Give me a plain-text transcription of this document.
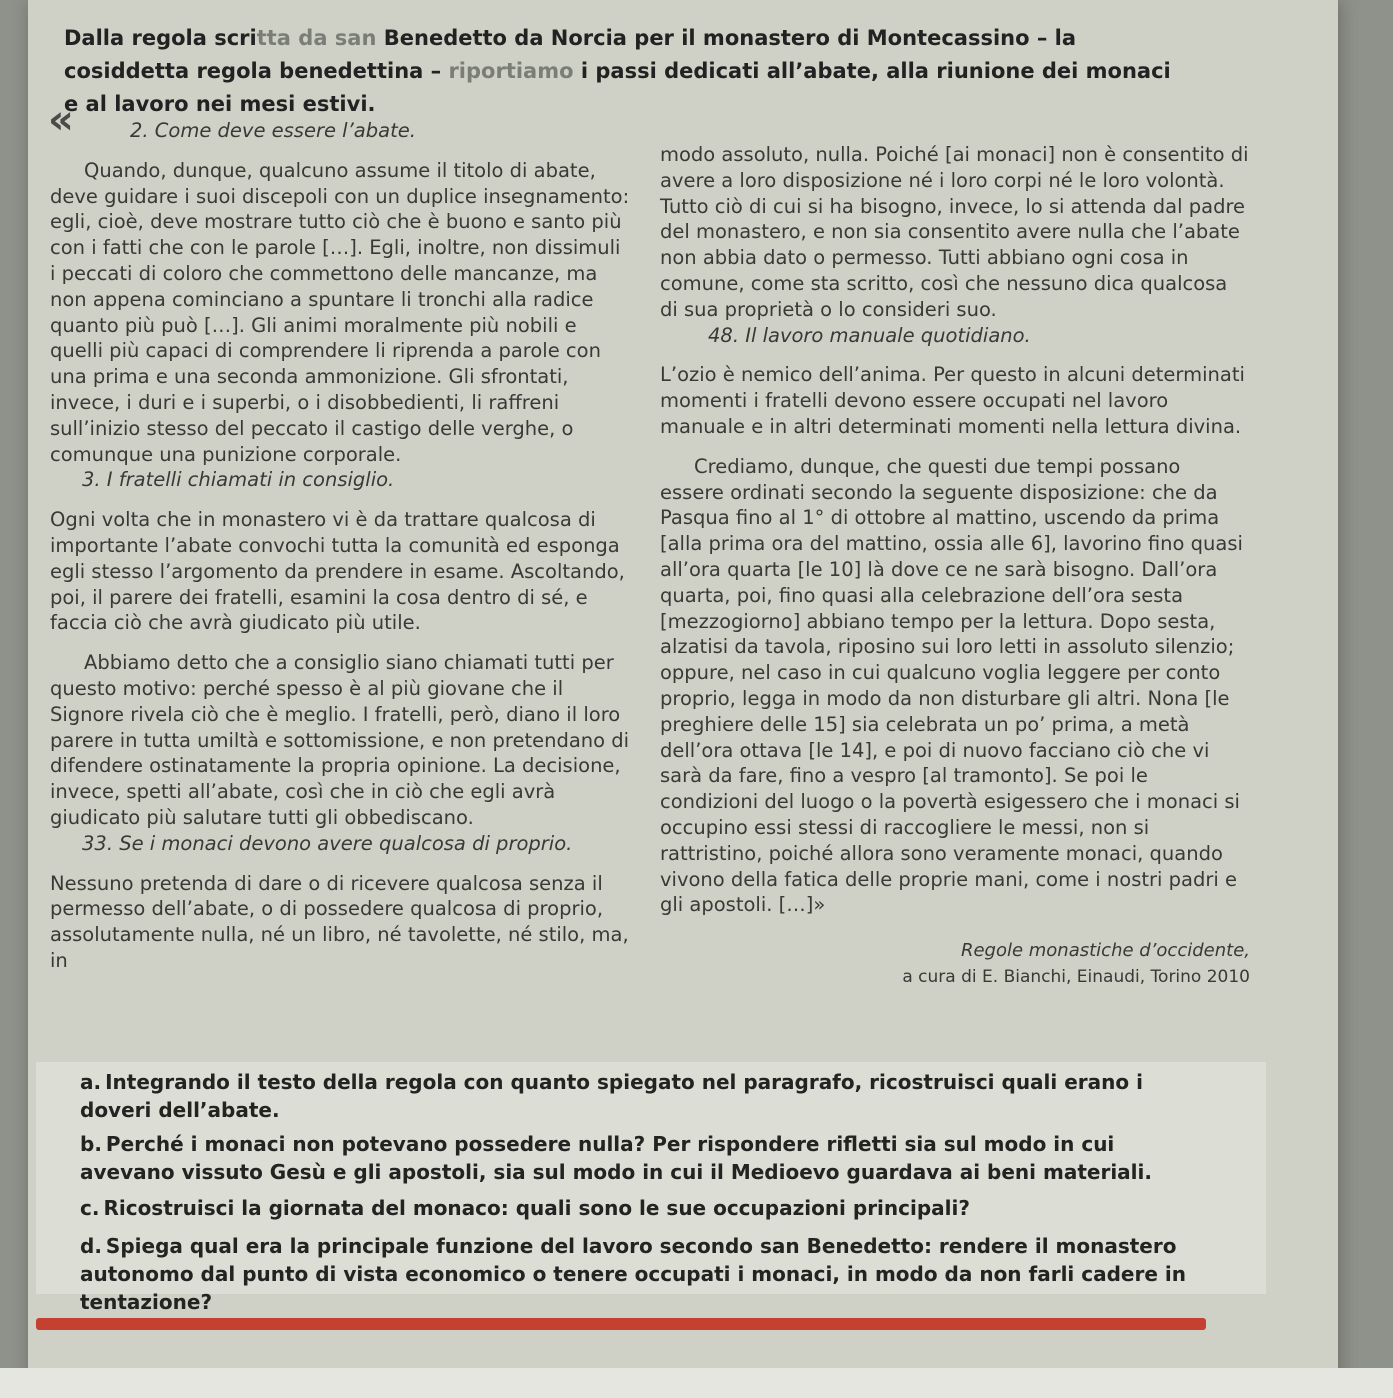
Dalla regola scritta da san Benedetto da Norcia per il monastero di Montecassino – la cosiddetta regola benedettina – riportiamo i passi dedicati all’abate, alla riunione dei monaci e al lavoro nei mesi estivi.
«	2. Come deve essere l’abate.

Quando, dunque, qualcuno assume il titolo di abate, deve guidare i suoi discepoli con un duplice insegnamento: egli, cioè, deve mostrare tutto ciò che è buono e santo più con i fatti che con le parole […]. Egli, inoltre, non dissimuli i peccati di coloro che commettono delle mancanze, ma non appena cominciano a spuntare li tronchi alla radice quanto più può […]. Gli animi moralmente più nobili e quelli più capaci di comprendere li riprenda a parole con una prima e una seconda ammonizione. Gli sfrontati, invece, i duri e i superbi, o i disobbedienti, li raffreni sull’inizio stesso del peccato il castigo delle verghe, o comunque una punizione corporale.

3. I fratelli chiamati in consiglio.

Ogni volta che in monastero vi è da trattare qualcosa di importante l’abate convochi tutta la comunità ed esponga egli stesso l’argomento da prendere in esame. Ascoltando, poi, il parere dei fratelli, esamini la cosa dentro di sé, e faccia ciò che avrà giudicato più utile.

Abbiamo detto che a consiglio siano chiamati tutti per questo motivo: perché spesso è al più giovane che il Signore rivela ciò che è meglio. I fratelli, però, diano il loro parere in tutta umiltà e sottomissione, e non pretendano di difendere ostinatamente la propria opinione. La decisione, invece, spetti all’abate, così che in ciò che egli avrà giudicato più salutare tutti gli obbediscano.

33. Se i monaci devono avere qualcosa di proprio.

Nessuno pretenda di dare o di ricevere qualcosa senza il permesso dell’abate, o di possedere qualcosa di proprio, assolutamente nulla, né un libro, né tavolette, né stilo, ma, in

modo assoluto, nulla. Poiché [ai monaci] non è consentito di avere a loro disposizione né i loro corpi né le loro volontà. Tutto ciò di cui si ha bisogno, invece, lo si attenda dal padre del monastero, e non sia consentito avere nulla che l’abate non abbia dato o permesso. Tutti abbiano ogni cosa in comune, come sta scritto, così che nessuno dica qualcosa di sua proprietà o lo consideri suo.

48. Il lavoro manuale quotidiano.

L’ozio è nemico dell’anima. Per questo in alcuni determinati momenti i fratelli devono essere occupati nel lavoro manuale e in altri determinati momenti nella lettura divina.

Crediamo, dunque, che questi due tempi possano essere ordinati secondo la seguente disposizione: che da Pasqua fino al 1° di ottobre al mattino, uscendo da prima [alla prima ora del mattino, ossia alle 6], lavorino fino quasi all’ora quarta [le 10] là dove ce ne sarà bisogno. Dall’ora quarta, poi, fino quasi alla celebrazione dell’ora sesta [mezzogiorno] abbiano tempo per la lettura. Dopo sesta, alzatisi da tavola, riposino sui loro letti in assoluto silenzio; oppure, nel caso in cui qualcuno voglia leggere per conto proprio, legga in modo da non disturbare gli altri. Nona [le preghiere delle 15] sia celebrata un po’ prima, a metà dell’ora ottava [le 14], e poi di nuovo facciano ciò che vi sarà da fare, fino a vespro [al tramonto]. Se poi le condizioni del luogo o la povertà esigessero che i monaci si occupino essi stessi di raccogliere le messi, non si rattristino, poiché allora sono veramente monaci, quando vivono della fatica delle proprie mani, come i nostri padri e gli apostoli. […]»

Regole monastiche d’occidente,
a cura di E. Bianchi, Einaudi, Torino 2010
a. Integrando il testo della regola con quanto spiegato nel paragrafo, ricostruisci quali erano i doveri dell’abate.
b. Perché i monaci non potevano possedere nulla? Per rispondere rifletti sia sul modo in cui avevano vissuto Gesù e gli apostoli, sia sul modo in cui il Medioevo guardava ai beni materiali.
c. Ricostruisci la giornata del monaco: quali sono le sue occupazioni principali?
d. Spiega qual era la principale funzione del lavoro secondo san Benedetto: rendere il monastero autonomo dal punto di vista economico o tenere occupati i monaci, in modo da non farli cadere in tentazione?
